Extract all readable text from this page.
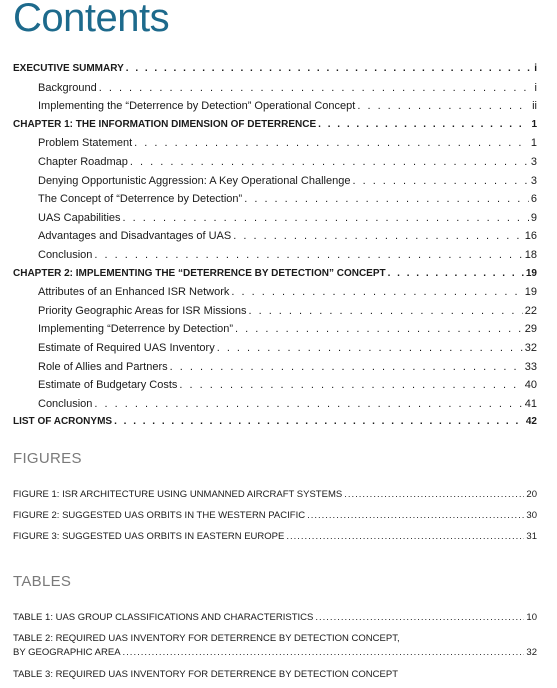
Contents
EXECUTIVE SUMMARY . . .	i
Background . . .	i
Implementing the “Deterrence by Detection” Operational Concept . . .	ii
CHAPTER 1: THE INFORMATION DIMENSION OF DETERRENCE . . .	1
Problem Statement . . .	1
Chapter Roadmap . . .	3
Denying Opportunistic Aggression: A Key Operational Challenge . . .	3
The Concept of “Deterrence by Detection” . . .	6
UAS Capabilities . . .	9
Advantages and Disadvantages of UAS . . .	16
Conclusion . . .	18
CHAPTER 2: IMPLEMENTING THE “DETERRENCE BY DETECTION” CONCEPT . . .	19
Attributes of an Enhanced ISR Network . . .	19
Priority Geographic Areas for ISR Missions . . .	22
Implementing “Deterrence by Detection” . . .	29
Estimate of Required UAS Inventory . . .	32
Role of Allies and Partners . . .	33
Estimate of Budgetary Costs . . .	40
Conclusion . . .	41
LIST OF ACRONYMS . . .	42
FIGURES
FIGURE 1: ISR ARCHITECTURE USING UNMANNED AIRCRAFT SYSTEMS .....	20
FIGURE 2: SUGGESTED UAS ORBITS IN THE WESTERN PACIFIC .....	30
FIGURE 3: SUGGESTED UAS ORBITS IN EASTERN EUROPE .....	31
TABLES
TABLE 1: UAS GROUP CLASSIFICATIONS AND CHARACTERISTICS .....	10
TABLE 2: REQUIRED UAS INVENTORY FOR DETERRENCE BY DETECTION CONCEPT,
BY GEOGRAPHIC AREA .....	32
TABLE 3: REQUIRED UAS INVENTORY FOR DETERRENCE BY DETECTION CONCEPT
